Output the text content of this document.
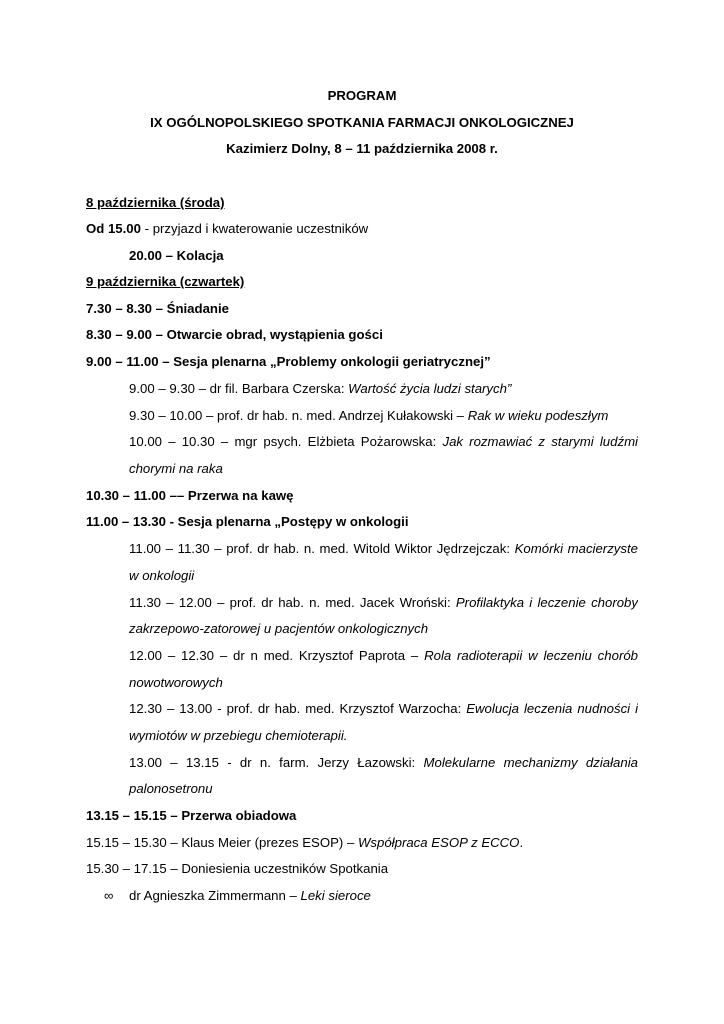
PROGRAM
IX OGÓLNOPOLSKIEGO SPOTKANIA FARMACJI ONKOLOGICZNEJ
Kazimierz Dolny, 8 – 11 października 2008 r.
8 października (środa)
Od 15.00 - przyjazd i kwaterowanie uczestników
20.00 – Kolacja
9 października (czwartek)
7.30 – 8.30 – Śniadanie
8.30 – 9.00 – Otwarcie obrad, wystąpienia gości
9.00 – 11.00 – Sesja plenarna „Problemy onkologii geriatrycznej”
9.00 – 9.30 – dr fil. Barbara Czerska: Wartość życia ludzi starych”
9.30 – 10.00 – prof. dr hab. n. med. Andrzej Kułakowski – Rak w wieku podeszłym
10.00 – 10.30 – mgr psych. Elżbieta Pożarowska: Jak rozmawiać z starymi ludźmi
chorymi na raka
10.30 – 11.00 –– Przerwa na kawę
11.00 – 13.30 - Sesja plenarna „Postępy w onkologii
11.00 – 11.30 – prof. dr hab. n. med. Witold Wiktor Jędrzejczak: Komórki macierzyste
w onkologii
11.30 – 12.00 – prof. dr hab. n. med. Jacek Wroński: Profilaktyka i leczenie choroby
zakrzepowo-zatorowej u pacjentów onkologicznych
12.00 – 12.30 – dr n med. Krzysztof Paprota – Rola radioterapii w leczeniu chorób
nowotworowych
12.30 – 13.00 - prof. dr hab. med. Krzysztof Warzocha: Ewolucja leczenia nudności i
wymiotów w przebiegu chemioterapii.
13.00 – 13.15 - dr n. farm. Jerzy Łazowski: Molekularne mechanizmy działania
palonosetronu
13.15 – 15.15 – Przerwa obiadowa
15.15 – 15.30 – Klaus Meier (prezes ESOP) – Współpraca ESOP z ECCO.
15.30 – 17.15 – Doniesienia uczestników Spotkania
∞ dr Agnieszka Zimmermann – Leki sieroce
